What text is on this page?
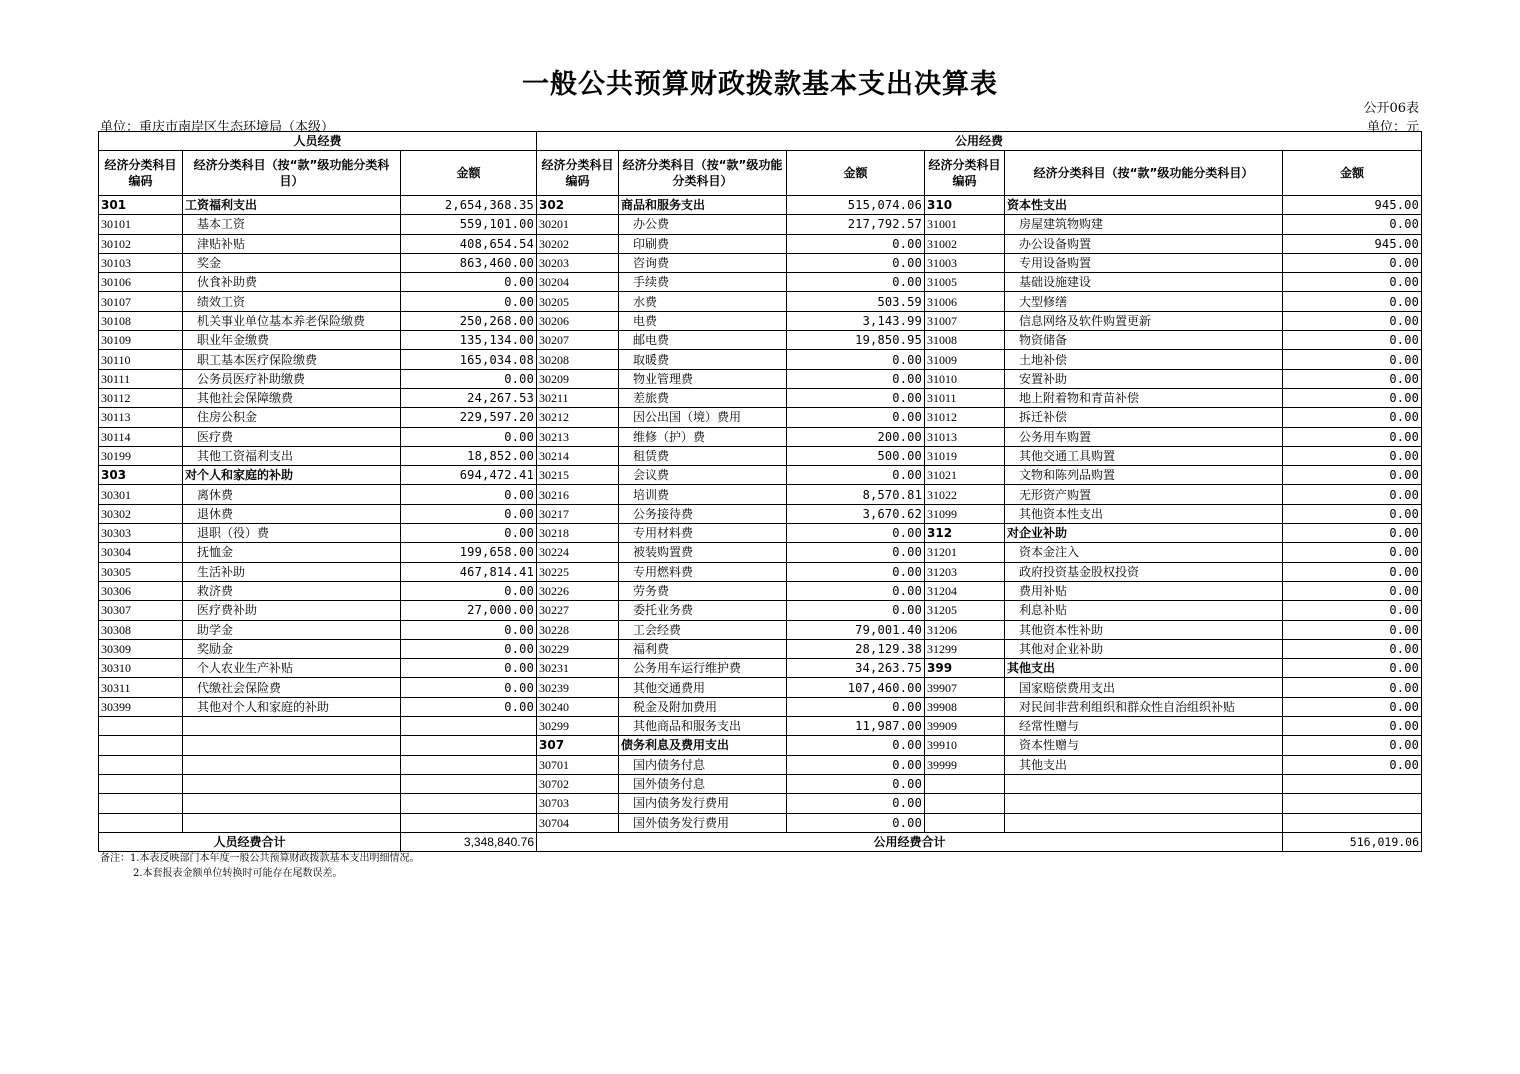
一般公共预算财政拨款基本支出决算表
公开06表
单位：重庆市南岸区生态环境局（本级）	单位：元
人员经费			公用经费					
经济分类科目编码	经济分类科目（按“款”级功能分类科目）	金额	经济分类科目编码	经济分类科目（按“款”级功能分类科目）	金额	经济分类科目编码	经济分类科目（按“款”级功能分类科目）	金额
301	工资福利支出	2,654,368.35	302	商品和服务支出	515,074.06	310	资本性支出	945.00
30101	基本工资	559,101.00	30201	办公费	217,792.57	31001	房屋建筑物购建	0.00
30102	津贴补贴	408,654.54	30202	印刷费	0.00	31002	办公设备购置	945.00
30103	奖金	863,460.00	30203	咨询费	0.00	31003	专用设备购置	0.00
30106	伙食补助费	0.00	30204	手续费	0.00	31005	基础设施建设	0.00
30107	绩效工资	0.00	30205	水费	503.59	31006	大型修缮	0.00
30108	机关事业单位基本养老保险缴费	250,268.00	30206	电费	3,143.99	31007	信息网络及软件购置更新	0.00
30109	职业年金缴费	135,134.00	30207	邮电费	19,850.95	31008	物资储备	0.00
30110	职工基本医疗保险缴费	165,034.08	30208	取暖费	0.00	31009	土地补偿	0.00
30111	公务员医疗补助缴费	0.00	30209	物业管理费	0.00	31010	安置补助	0.00
30112	其他社会保障缴费	24,267.53	30211	差旅费	0.00	31011	地上附着物和青苗补偿	0.00
30113	住房公积金	229,597.20	30212	因公出国（境）费用	0.00	31012	拆迁补偿	0.00
30114	医疗费	0.00	30213	维修（护）费	200.00	31013	公务用车购置	0.00
30199	其他工资福利支出	18,852.00	30214	租赁费	500.00	31019	其他交通工具购置	0.00
303	对个人和家庭的补助	694,472.41	30215	会议费	0.00	31021	文物和陈列品购置	0.00
30301	离休费	0.00	30216	培训费	8,570.81	31022	无形资产购置	0.00
30302	退休费	0.00	30217	公务接待费	3,670.62	31099	其他资本性支出	0.00
30303	退职（役）费	0.00	30218	专用材料费	0.00	312	对企业补助	0.00
30304	抚恤金	199,658.00	30224	被装购置费	0.00	31201	资本金注入	0.00
30305	生活补助	467,814.41	30225	专用燃料费	0.00	31203	政府投资基金股权投资	0.00
30306	救济费	0.00	30226	劳务费	0.00	31204	费用补贴	0.00
30307	医疗费补助	27,000.00	30227	委托业务费	0.00	31205	利息补贴	0.00
30308	助学金	0.00	30228	工会经费	79,001.40	31206	其他资本性补助	0.00
30309	奖励金	0.00	30229	福利费	28,129.38	31299	其他对企业补助	0.00
30310	个人农业生产补贴	0.00	30231	公务用车运行维护费	34,263.75	399	其他支出	0.00
30311	代缴社会保险费	0.00	30239	其他交通费用	107,460.00	39907	国家赔偿费用支出	0.00
30399	其他对个人和家庭的补助	0.00	30240	税金及附加费用	0.00	39908	对民间非营利组织和群众性自治组织补贴	0.00
			30299	其他商品和服务支出	11,987.00	39909	经常性赠与	0.00
			307	债务利息及费用支出	0.00	39910	资本性赠与	0.00
			30701	国内债务付息	0.00	39999	其他支出	0.00
			30702	国外债务付息	0.00			
			30703	国内债务发行费用	0.00			
			30704	国外债务发行费用	0.00			
人员经费合计		3,348,840.76	公用经费合计					516,019.06
备注：1.本表反映部门本年度一般公共预算财政拨款基本支出明细情况。
2.本套报表金额单位转换时可能存在尾数误差。
